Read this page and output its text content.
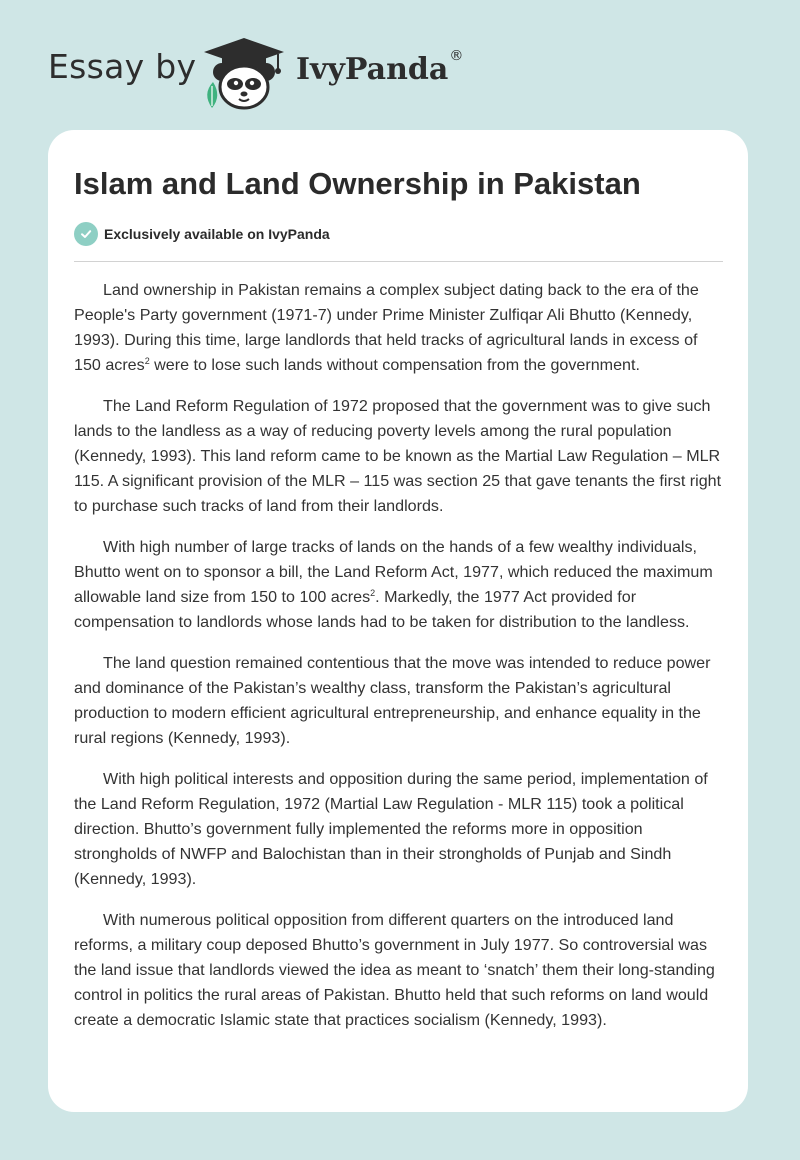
Essay by	IvyPanda®
Islam and Land Ownership in Pakistan
Exclusively available on IvyPanda

Land ownership in Pakistan remains a complex subject dating back to the era of the People's Party government (1971-7) under Prime Minister Zulfiqar Ali Bhutto (Kennedy, 1993). During this time, large landlords that held tracks of agricultural lands in excess of 150 acres$^2$ were to lose such lands without compensation from the government.

The Land Reform Regulation of 1972 proposed that the government was to give such lands to the landless as a way of reducing poverty levels among the rural population (Kennedy, 1993). This land reform came to be known as the Martial Law Regulation – MLR 115. A significant provision of the MLR – 115 was section 25 that gave tenants the first right to purchase such tracks of land from their landlords.

With high number of large tracks of lands on the hands of a few wealthy individuals, Bhutto went on to sponsor a bill, the Land Reform Act, 1977, which reduced the maximum allowable land size from 150 to 100 acres$^2$. Markedly, the 1977 Act provided for compensation to landlords whose lands had to be taken for distribution to the landless.

The land question remained contentious that the move was intended to reduce power and dominance of the Pakistan’s wealthy class, transform the Pakistan’s agricultural production to modern efficient agricultural entrepreneurship, and enhance equality in the rural regions (Kennedy, 1993).

With high political interests and opposition during the same period, implementation of the Land Reform Regulation, 1972 (Martial Law Regulation - MLR 115) took a political direction. Bhutto’s government fully implemented the reforms more in opposition strongholds of NWFP and Balochistan than in their strongholds of Punjab and Sindh (Kennedy, 1993).

With numerous political opposition from different quarters on the introduced land reforms, a military coup deposed Bhutto’s government in July 1977. So controversial was the land issue that landlords viewed the idea as meant to ‘snatch’ them their long-standing control in politics the rural areas of Pakistan. Bhutto held that such reforms on land would create a democratic Islamic state that practices socialism (Kennedy, 1993).
